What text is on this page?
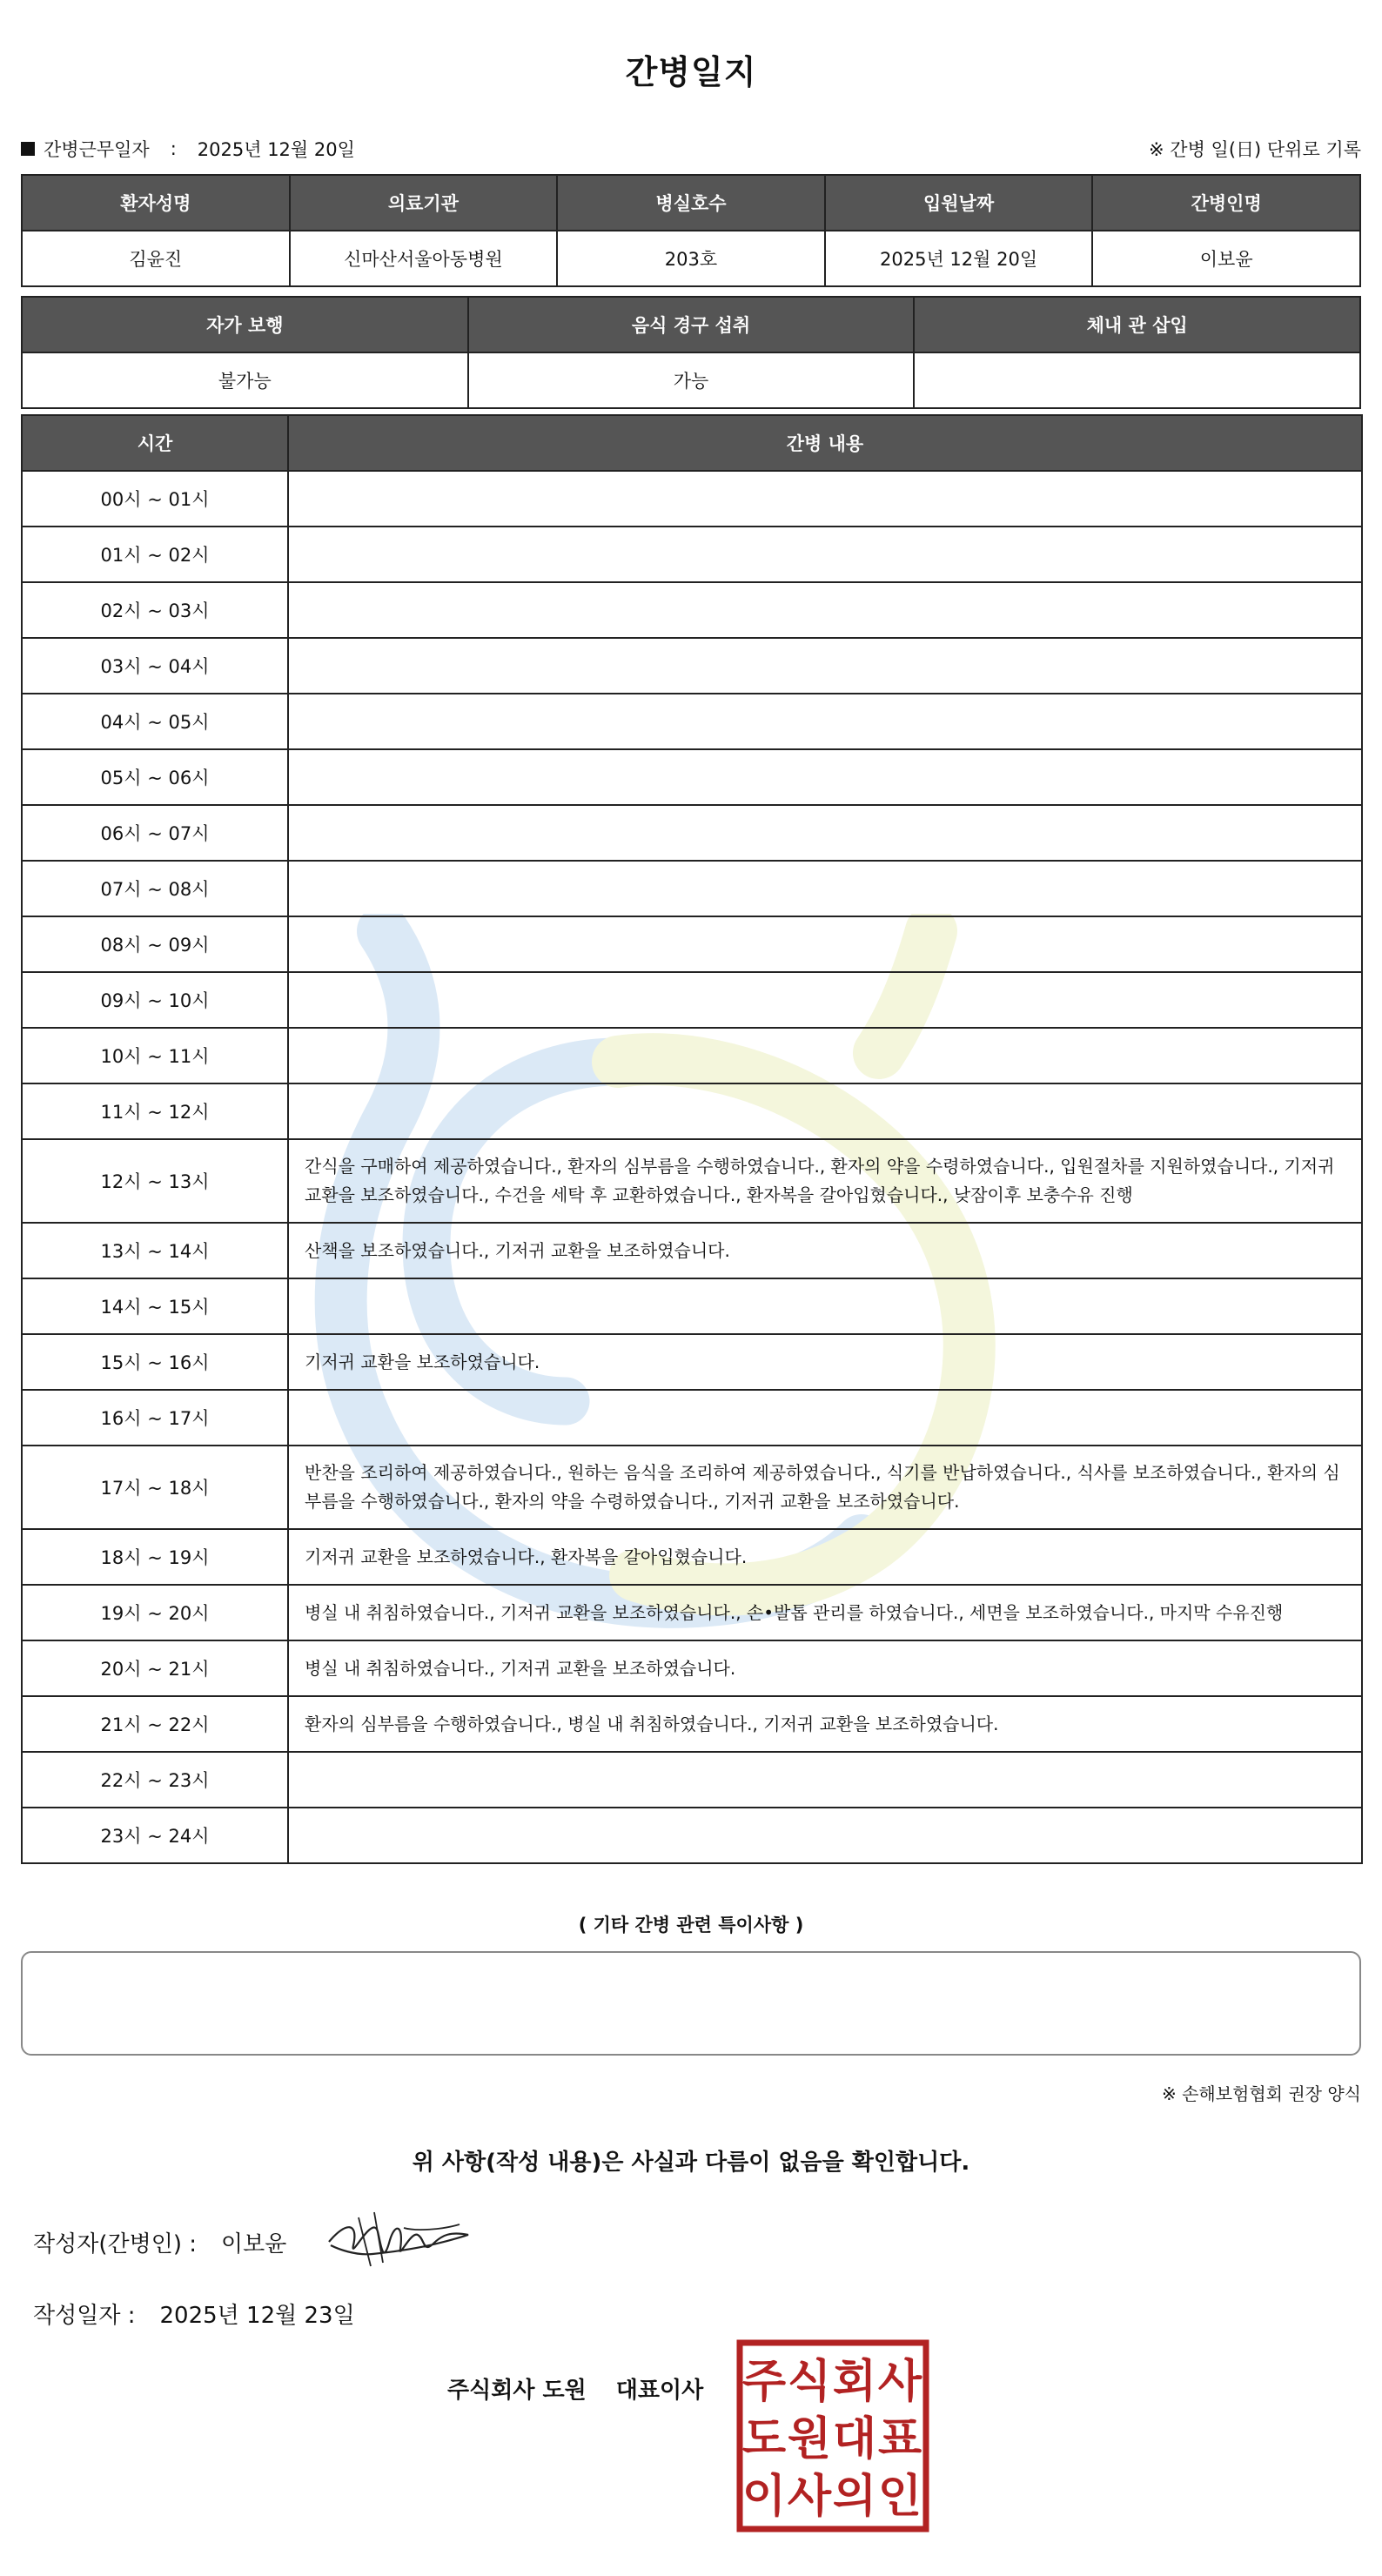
간병일지
간병근무일자 : 2025년 12월 20일	※ 간병 일(日) 단위로 기록
환자성명	의료기관	병실호수	입원날짜	간병인명
김윤진	신마산서울아동병원	203호	2025년 12월 20일	이보윤
자가 보행	음식 경구 섭취	체내 관 삽입
불가능	가능	
시간	간병 내용
00시 ~ 01시	
01시 ~ 02시	
02시 ~ 03시	
03시 ~ 04시	
04시 ~ 05시	
05시 ~ 06시	
06시 ~ 07시	
07시 ~ 08시	
08시 ~ 09시	
09시 ~ 10시	
10시 ~ 11시	
11시 ~ 12시	
12시 ~ 13시	간식을 구매하여 제공하였습니다., 환자의 심부름을 수행하였습니다., 환자의 약을 수령하였습니다., 입원절차를 지원하였습니다., 기저귀 교환을 보조하였습니다., 수건을 세탁 후 교환하였습니다., 환자복을 갈아입혔습니다., 낮잠이후 보충수유 진행
13시 ~ 14시	산책을 보조하였습니다., 기저귀 교환을 보조하였습니다.
14시 ~ 15시	
15시 ~ 16시	기저귀 교환을 보조하였습니다.
16시 ~ 17시	
17시 ~ 18시	반찬을 조리하여 제공하였습니다., 원하는 음식을 조리하여 제공하였습니다., 식기를 반납하였습니다., 식사를 보조하였습니다., 환자의 심부름을 수행하였습니다., 환자의 약을 수령하였습니다., 기저귀 교환을 보조하였습니다.
18시 ~ 19시	기저귀 교환을 보조하였습니다., 환자복을 갈아입혔습니다.
19시 ~ 20시	병실 내 취침하였습니다., 기저귀 교환을 보조하였습니다., 손•발톱 관리를 하였습니다., 세면을 보조하였습니다., 마지막 수유진행
20시 ~ 21시	병실 내 취침하였습니다., 기저귀 교환을 보조하였습니다.
21시 ~ 22시	환자의 심부름을 수행하였습니다., 병실 내 취침하였습니다., 기저귀 교환을 보조하였습니다.
22시 ~ 23시	
23시 ~ 24시	
( 기타 간병 관련 특이사항 )
※ 손해보험협회 권장 양식
위 사항(작성 내용)은 사실과 다름이 없음을 확인합니다.
작성자(간병인) : 이보윤
작성일자 : 2025년 12월 23일
주식회사 도원 대표이사 주 식 회 사
도 원 대 표
이 사 의 인
